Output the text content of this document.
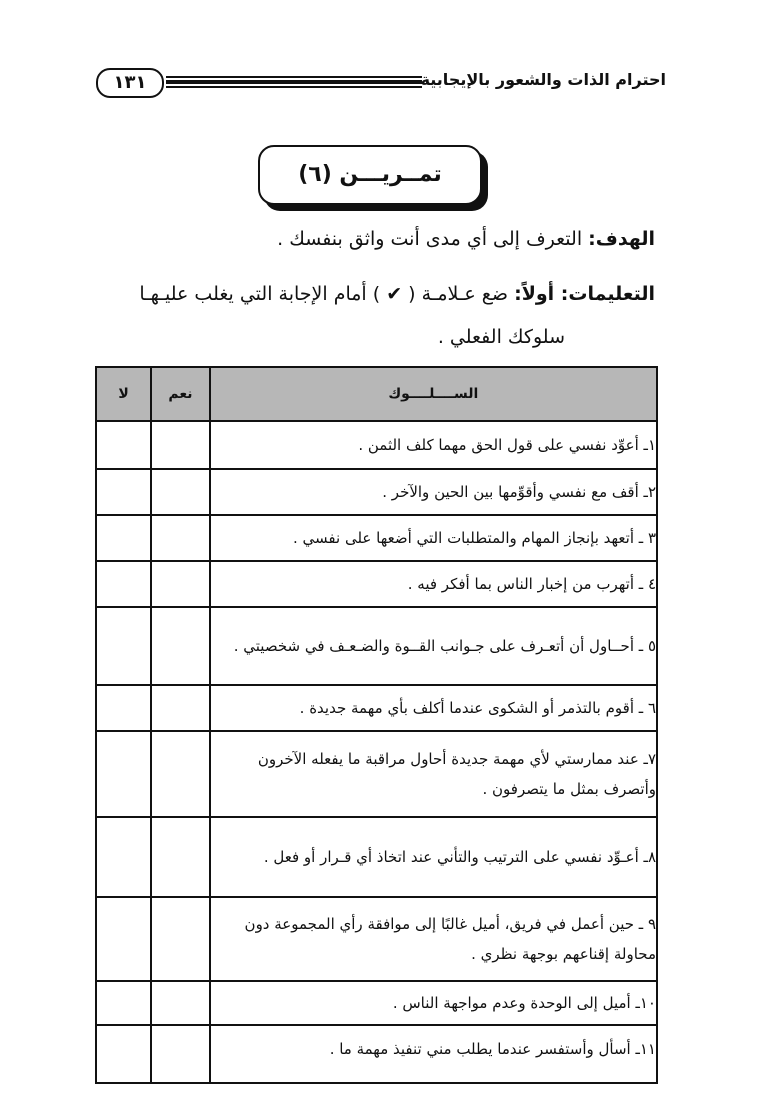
١٣١	احترام الذات والشعور بالإيجابية
تمــريـــن (٦)
الهدف: التعرف إلى أي مدى أنت واثق بنفسك .
التعليمات: أولاً: ضع عـلامـة ( ✔ ) أمام الإجابة التي يغلب عليـهـا
سلوكك الفعلي .
الســــلــــوك	نعم	لا
١ـ أعوِّد نفسي على قول الحق مهما كلف الثمن .		
٢ـ أقف مع نفسي وأقوِّمها بين الحين والآخر .		
٣ ـ أتعهد بإنجاز المهام والمتطلبات التي أضعها على نفسي .		
٤ ـ أتهرب من إخبار الناس بما أفكر فيه .		
٥ ـ أحــاول أن أتعـرف على جـوانب القــوة والضـعـف في شخصيتي .		
٦ ـ أقوم بالتذمر أو الشكوى عندما أكلف بأي مهمة جديدة .		
٧ـ عند ممارستي لأي مهمة جديدة أحاول مراقبة ما يفعله الآخرون وأتصرف بمثل ما يتصرفون .		
٨ـ أعـوِّد نفسي على الترتيب والتأني عند اتخاذ أي قـرار أو فعل .		
٩ ـ حين أعمل في فريق، أميل غالبًا إلى موافقة رأي المجموعة دون محاولة إقناعهم بوجهة نظري .		
١٠ـ أميل إلى الوحدة وعدم مواجهة الناس .		
١١ـ أسأل وأستفسر عندما يطلب مني تنفيذ مهمة ما .		
